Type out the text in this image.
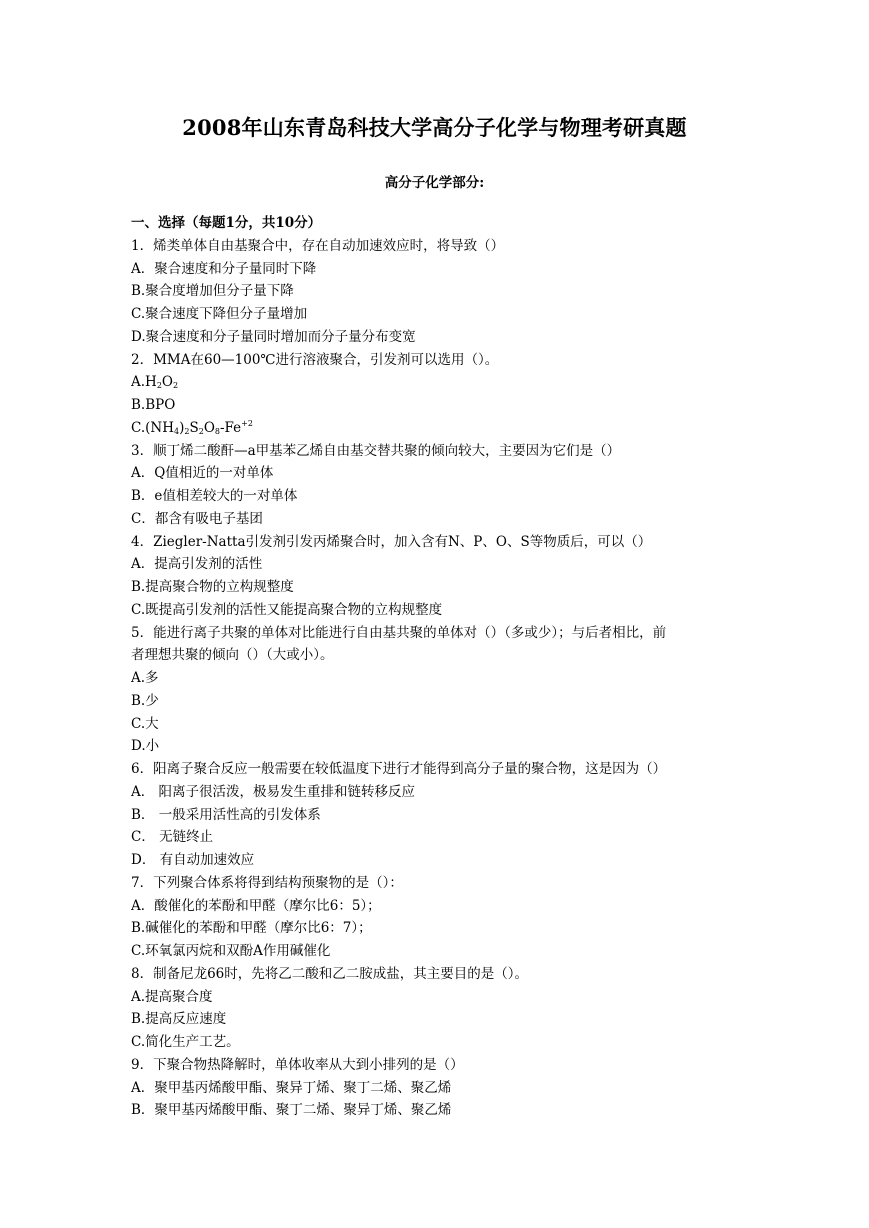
2008年山东青岛科技大学高分子化学与物理考研真题
高分子化学部分:
一、选择（每题1分，共10分）
1．烯类单体自由基聚合中，存在自动加速效应时，将导致（）
A．聚合速度和分子量同时下降
B.聚合度增加但分子量下降
C.聚合速度下降但分子量增加
D.聚合速度和分子量同时增加而分子量分布变宽
2．MMA在60—100℃进行溶液聚合，引发剂可以选用（）。
$A.H_2O_2$
B.BPO
$C.(NH_4)_2S_2O_8-Fe^{+2}$
3．顺丁烯二酸酐—a甲基苯乙烯自由基交替共聚的倾向较大，主要因为它们是（）
A．Q值相近的一对单体
B．e值相差较大的一对单体
C．都含有吸电子基团
4．Ziegler-Natta引发剂引发丙烯聚合时，加入含有N、P、O、S等物质后，可以（）
A．提高引发剂的活性
B.提高聚合物的立构规整度
C.既提高引发剂的活性又能提高聚合物的立构规整度
5．能进行离子共聚的单体对比能进行自由基共聚的单体对（）（多或少）；与后者相比，前
者理想共聚的倾向（）（大或小）。
A.多
B.少
C.大
D.小
6．阳离子聚合反应一般需要在较低温度下进行才能得到高分子量的聚合物，这是因为（）
A． 阳离子很活泼，极易发生重排和链转移反应
B． 一般采用活性高的引发体系
C． 无链终止
D． 有自动加速效应
7．下列聚合体系将得到结构预聚物的是（）：
A．酸催化的苯酚和甲醛（摩尔比6：5）；
B.碱催化的苯酚和甲醛（摩尔比6：7）；
C.环氧氯丙烷和双酚A作用碱催化
8．制备尼龙66时，先将乙二酸和乙二胺成盐，其主要目的是（）。
A.提高聚合度
B.提高反应速度
C.简化生产工艺。
9．下聚合物热降解时，单体收率从大到小排列的是（）
A．聚甲基丙烯酸甲酯、聚异丁烯、聚丁二烯、聚乙烯
B．聚甲基丙烯酸甲酯、聚丁二烯、聚异丁烯、聚乙烯
